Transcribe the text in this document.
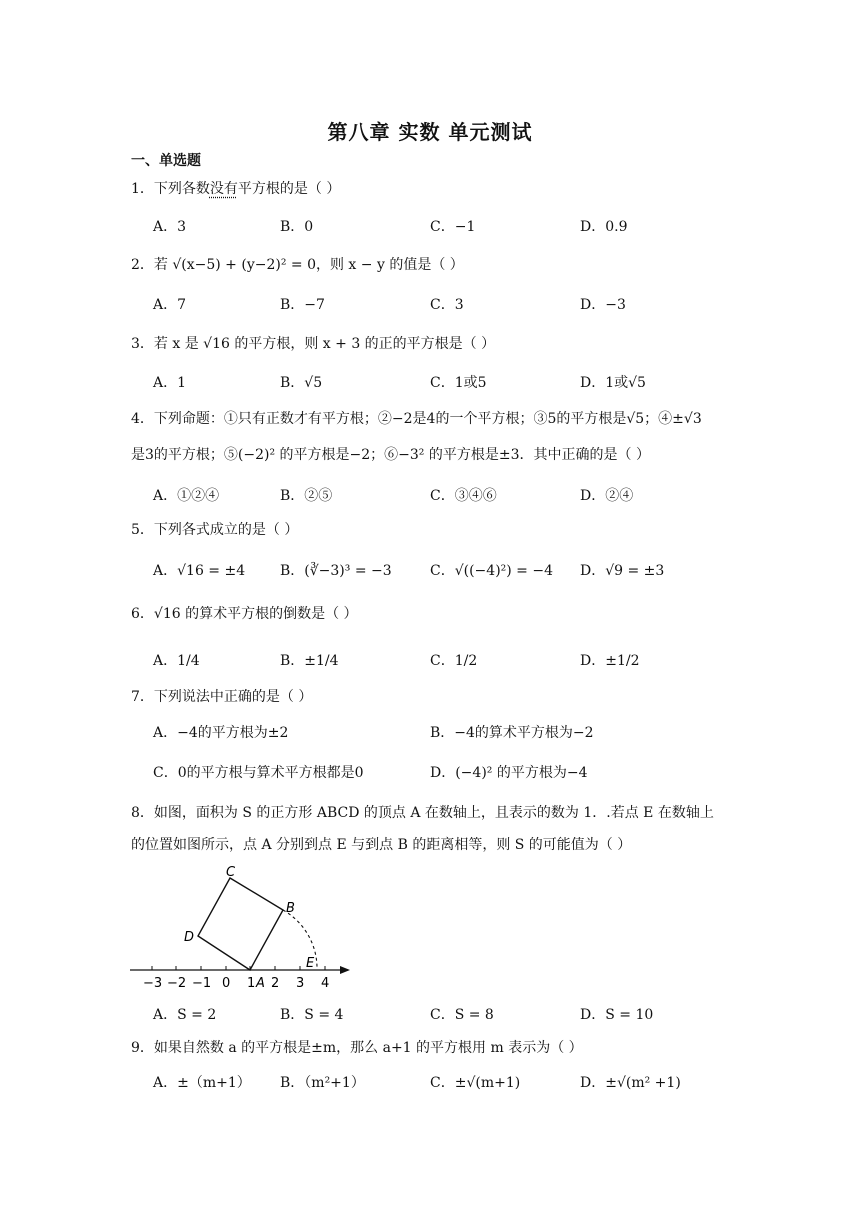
第八章 实数 单元测试
一、单选题
1．下列各数没有平方根的是（ ）
A．3	B．0	C．−1	D．0.9
2．若 √(x−5) + (y−2)² = 0，则 x − y 的值是（ ）
A．7	B．−7	C．3	D．−3
3．若 x 是 √16 的平方根，则 x + 3 的正的平方根是（ ）
A．1	B．√5	C．1或5	D．1或√5
4．下列命题：①只有正数才有平方根；②−2是4的一个平方根；③5的平方根是√5；④±√3
是3的平方根；⑤(−2)² 的平方根是−2；⑥−3² 的平方根是±3．其中正确的是（ ）
A．①②④	B．②⑤	C．③④⑥	D．②④
5．下列各式成立的是（ ）
A．√16 = ±4 B．(∛−3)³ = −3	C．√((−4)²) = −4 D．√9 = ±3
6．√16 的算术平方根的倒数是（ ）
A．1/4	B．±1/4	C．1/2	D．±1/2
7．下列说法中正确的是（ ）
A．−4的平方根为±2	B．−4的算术平方根为−2
C．0的平方根与算术平方根都是0	D．(−4)² 的平方根为−4
8．如图，面积为 S 的正方形 ABCD 的顶点 A 在数轴上，且表示的数为 1．.若点 E 在数轴上
的位置如图所示，点 A 分别到点 E 与到点 B 的距离相等，则 S 的可能值为（ ）
C
B
D
A
E
−3 −2 −1 0 1 2 3 4
A．S = 2	B．S = 4	C．S = 8	D．S = 10
9．如果自然数 a 的平方根是±m，那么 a+1 的平方根用 m 表示为（ ）
A．±（m+1） B．（m²+1）	C．±√(m+1)	D．±√(m² +1)
